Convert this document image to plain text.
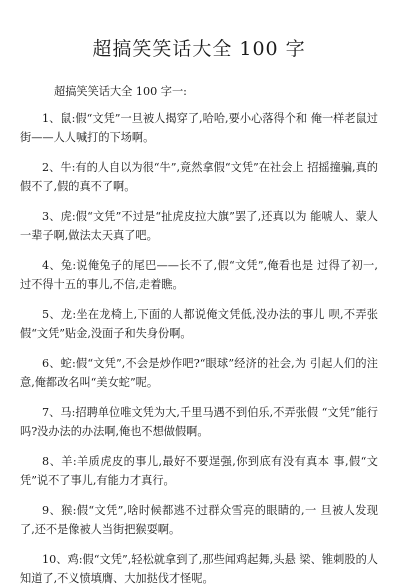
超搞笑笑话大全 100 字

超搞笑笑话大全 100 字一:

1、鼠:假“文凭”一旦被人揭穿了,哈哈,要小心落得个和 俺一样老鼠过街——人人喊打的下场啊。

2、牛:有的人自以为很“牛”,竟然拿假“文凭”在社会上 招摇撞骗,真的假不了,假的真不了啊。

3、虎:假“文凭”不过是“扯虎皮拉大旗”罢了,还真以为 能唬人、蒙人一辈子啊,做法太天真了吧。

4、兔:说俺兔子的尾巴——长不了,假“文凭”,俺看也是 过得了初一,过不得十五的事儿,不信,走着瞧。

5、龙:坐在龙椅上,下面的人都说俺文凭低,没办法的事儿 呗,不弄张假“文凭”贴金,没面子和失身份啊。

6、蛇:假“文凭”,不会是炒作吧?“眼球”经济的社会,为 引起人们的注意,俺都改名叫“美女蛇”呢。

7、马:招聘单位唯文凭为大,千里马遇不到伯乐,不弄张假 “文凭”能行吗?没办法的办法啊,俺也不想做假啊。

8、羊:羊质虎皮的事儿,最好不要逞强,你到底有没有真本 事,假“文凭”说不了事儿,有能力才真行。

9、猴:假“文凭”,啥时候都逃不过群众雪亮的眼睛的,一 旦被人发现了,还不是像被人当街把猴耍啊。

10、鸡:假“文凭”,轻松就拿到了,那些闻鸡起舞,头悬 梁、锥刺股的人知道了,不义愤填膺、大加挞伐才怪呢。
